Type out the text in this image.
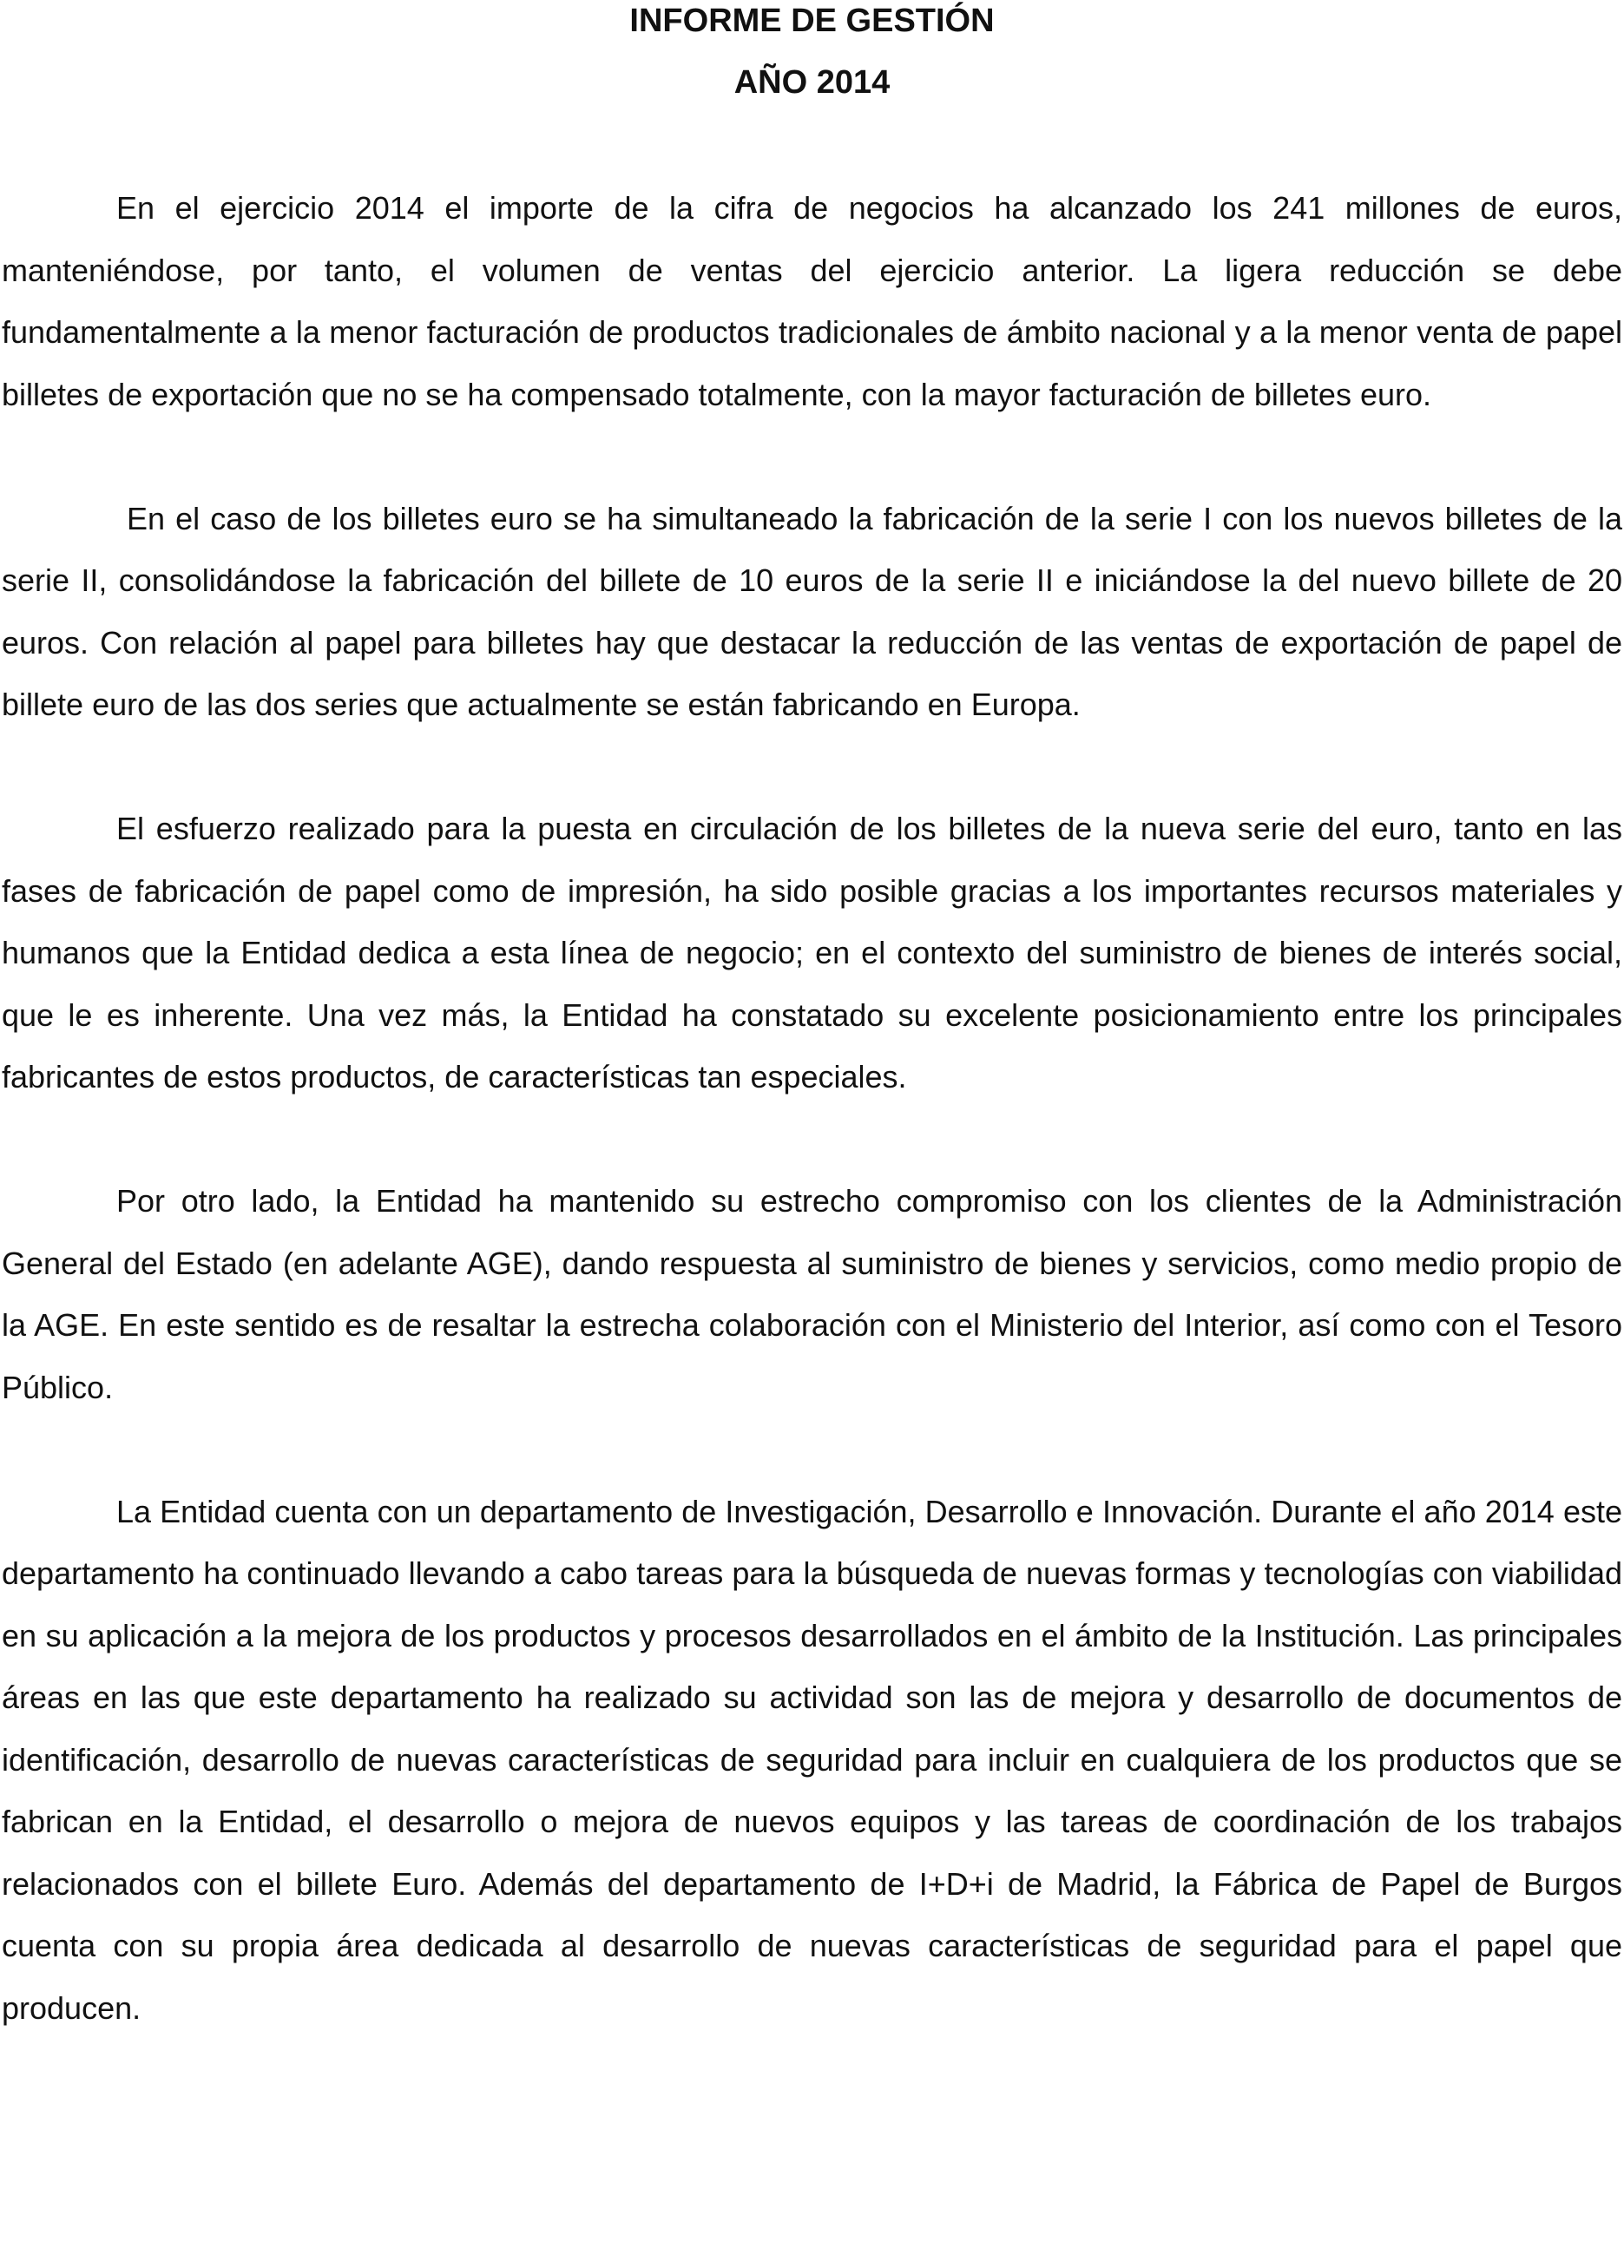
INFORME DE GESTIÓN
AÑO 2014

En el ejercicio 2014 el importe de la cifra de negocios ha alcanzado los 241 millones de euros, manteniéndose, por tanto, el volumen de ventas del ejercicio anterior. La ligera reducción se debe fundamentalmente a la menor facturación de productos tradicionales de ámbito nacional y a la menor venta de papel billetes de exportación que no se ha compensado totalmente, con la mayor facturación de billetes euro.

En el caso de los billetes euro se ha simultaneado la fabricación de la serie I con los nuevos billetes de la serie II, consolidándose la fabricación del billete de 10 euros de la serie II e iniciándose la del nuevo billete de 20 euros. Con relación al papel para billetes hay que destacar la reducción de las ventas de exportación de papel de billete euro de las dos series que actualmente se están fabricando en Europa.

El esfuerzo realizado para la puesta en circulación de los billetes de la nueva serie del euro, tanto en las fases de fabricación de papel como de impresión, ha sido posible gracias a los importantes recursos materiales y humanos que la Entidad dedica a esta línea de negocio; en el contexto del suministro de bienes de interés social, que le es inherente. Una vez más, la Entidad ha constatado su excelente posicionamiento entre los principales fabricantes de estos productos, de características tan especiales.

Por otro lado, la Entidad ha mantenido su estrecho compromiso con los clientes de la Administración General del Estado (en adelante AGE), dando respuesta al suministro de bienes y servicios, como medio propio de la AGE. En este sentido es de resaltar la estrecha colaboración con el Ministerio del Interior, así como con el Tesoro Público.

La Entidad cuenta con un departamento de Investigación, Desarrollo e Innovación. Durante el año 2014 este departamento ha continuado llevando a cabo tareas para la búsqueda de nuevas formas y tecnologías con viabilidad en su aplicación a la mejora de los productos y procesos desarrollados en el ámbito de la Institución. Las principales áreas en las que este departamento ha realizado su actividad son las de mejora y desarrollo de documentos de identificación, desarrollo de nuevas características de seguridad para incluir en cualquiera de los productos que se fabrican en la Entidad, el desarrollo o mejora de nuevos equipos y las tareas de coordinación de los trabajos relacionados con el billete Euro. Además del departamento de I+D+i de Madrid, la Fábrica de Papel de Burgos cuenta con su propia área dedicada al desarrollo de nuevas características de seguridad para el papel que producen.
